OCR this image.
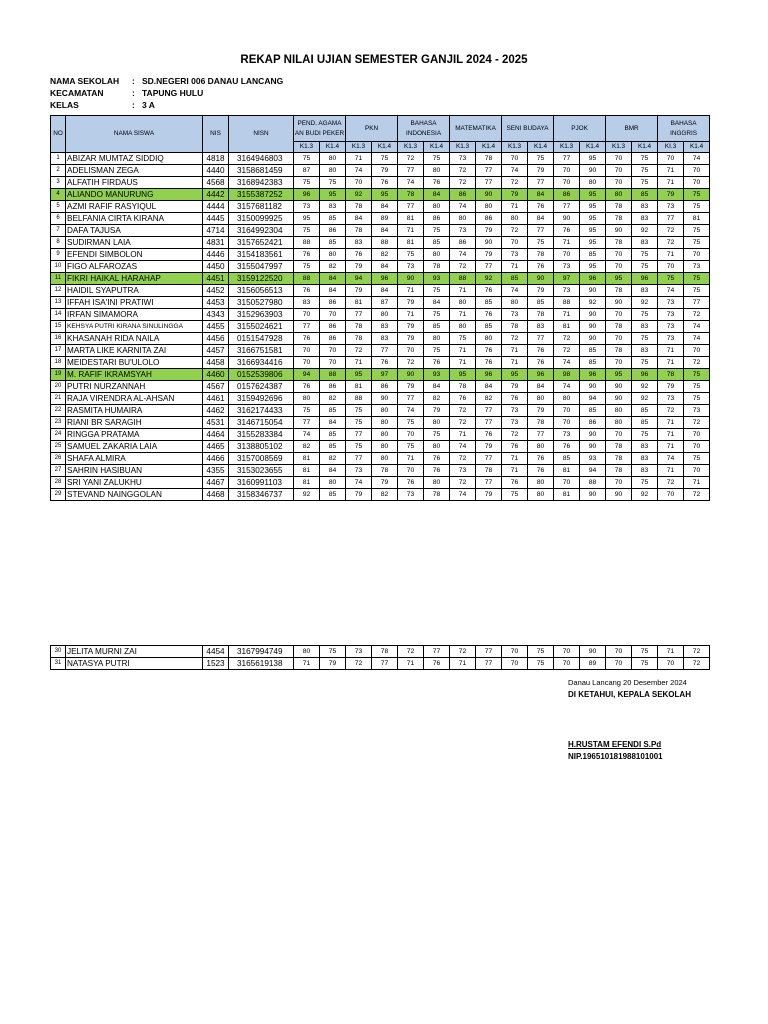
REKAP NILAI UJIAN SEMESTER GANJIL 2024 - 2025
NAMA SEKOLAH	: SD.NEGERI 006 DANAU LANCANG
KECAMATAN	: TAPUNG HULU
KELAS	: 3 A
NO	NAMA SISWA	NIS	NISN	PEND. AGAMA AN BUDI PEKER		PKN		BAHASA INDONESIA		MATEMATIKA		SENI BUDAYA		PJOK		BMR		BAHASA INGGRIS	
				K1.3	K1.4	K1.3	K1.4	K1.3	K1.4	K1.3	K1.4	K1.3	K1.4	K1.3	K1.4	K1.3	K1.4	KI.3	K1.4
1	ABIZAR MUMTAZ SIDDIQ	4818	3164946803	75	80	71	75	72	75	73	78	70	75	77	95	70	75	70	74
2	ADELISMAN ZEGA	4440	3158681459	87	80	74	79	77	80	72	77	74	79	70	90	70	75	71	70
3	ALFATIH FIRDAUS	4568	3168942383	75	75	70	76	74	76	72	77	72	77	70	80	70	75	71	70
4	ALIANDO MANURUNG	4442	3155387252	96	95	92	95	78	84	86	90	79	84	86	95	80	85	79	75
5	AZMI RAFIF RASYIQUL	4444	3157681182	73	83	78	84	77	80	74	80	71	76	77	95	78	83	73	75
6	BELFANIA CIRTA KIRANA	4445	3150099925	95	85	84	89	81	86	80	86	80	84	90	95	78	83	77	81
7	DAFA TAJUSA	4714	3164992304	75	86	78	84	71	75	73	79	72	77	76	95	90	92	72	75
8	SUDIRMAN LAIA	4831	3157652421	88	85	83	88	81	85	86	90	70	75	71	95	78	83	72	75
9	EFENDI SIMBOLON	4446	3154183561	76	80	76	82	75	80	74	79	73	78	70	85	70	75	71	70
10	FIGO ALFAROZAS	4450	3155047997	75	82	79	84	73	78	72	77	71	76	73	95	70	75	70	73
11	FIKRI HAIKAL HARAHAP	4451	3159122520	88	84	94	96	90	93	88	92	85	90	97	96	95	96	75	75
12	HAIDIL SYAPUTRA	4452	3156056513	76	84	79	84	71	75	71	76	74	79	73	90	78	83	74	75
13	IFFAH ISA'INI PRATIWI	4453	3150527980	83	86	81	87	79	84	80	85	80	85	88	92	90	92	73	77
14	IRFAN SIMAMORA	4343	3152963903	70	70	77	80	71	75	71	76	73	78	71	90	70	75	73	72
15	KEHSYA PUTRI KIRANA SINULINGGA	4455	3155024621	77	86	78	83	79	85	80	85	78	83	81	90	78	83	73	74
16	KHASANAH RIDA NAILA	4456	0151547928	76	86	78	83	79	80	75	80	72	77	72	90	70	75	73	74
17	MARTA LIKE KARNITA ZAI	4457	3166751581	70	70	72	77	70	75	71	76	71	76	72	85	78	83	71	70
18	MEIDESTARI BU'ULOLO	4458	3166934416	70	70	71	76	72	76	71	76	71	76	74	85	70	75	71	72
19	M. RAFIF IKRAMSYAH	4460	0152539806	94	88	95	97	90	93	95	96	95	96	98	96	95	96	78	75
20	PUTRI NURZANNAH	4567	0157624387	76	86	81	86	79	84	78	84	79	84	74	90	90	92	79	75
21	RAJA VIRENDRA AL-AHSAN	4461	3159492696	80	82	88	90	77	82	76	82	76	80	80	94	90	92	73	75
22	RASMITA HUMAIRA	4462	3162174433	75	85	75	80	74	79	72	77	73	79	70	85	80	85	72	73
23	RIANI BR SARAGIH	4531	3146715054	77	84	75	80	75	80	72	77	73	78	70	86	80	85	71	72
24	RINGGA PRATAMA	4464	3155283384	74	85	77	80	70	75	71	76	72	77	73	90	70	75	71	70
25	SAMUEL ZAKARIA LAIA	4465	3138805102	82	85	75	80	75	80	74	79	76	80	76	90	78	83	71	70
26	SHAFA ALMIRA	4466	3157008569	81	82	77	80	71	76	72	77	71	76	85	93	78	83	74	75
27	SAHRIN HASIBUAN	4355	3153023655	81	84	73	78	70	76	73	78	71	76	81	94	78	83	71	70
28	SRI YANI ZALUKHU	4467	3160991103	81	80	74	79	76	80	72	77	76	80	70	88	70	75	72	71
29	STEVAND NAINGGOLAN	4468	3158346737	92	85	79	82	73	78	74	79	75	80	81	90	90	92	70	72
30	JELITA MURNI ZAI	4454	3167994749	80	75	73	78	72	77	72	77	70	75	70	90	70	75	71	72
31	NATASYA PUTRI	1523	3165619138	71	79	72	77	71	76	71	77	70	75	70	89	70	75	70	72
Danau Lancang 20 Desember 2024
DI KETAHUI, KEPALA SEKOLAH
H.RUSTAM EFENDI S.Pd
NIP.196510181988101001
